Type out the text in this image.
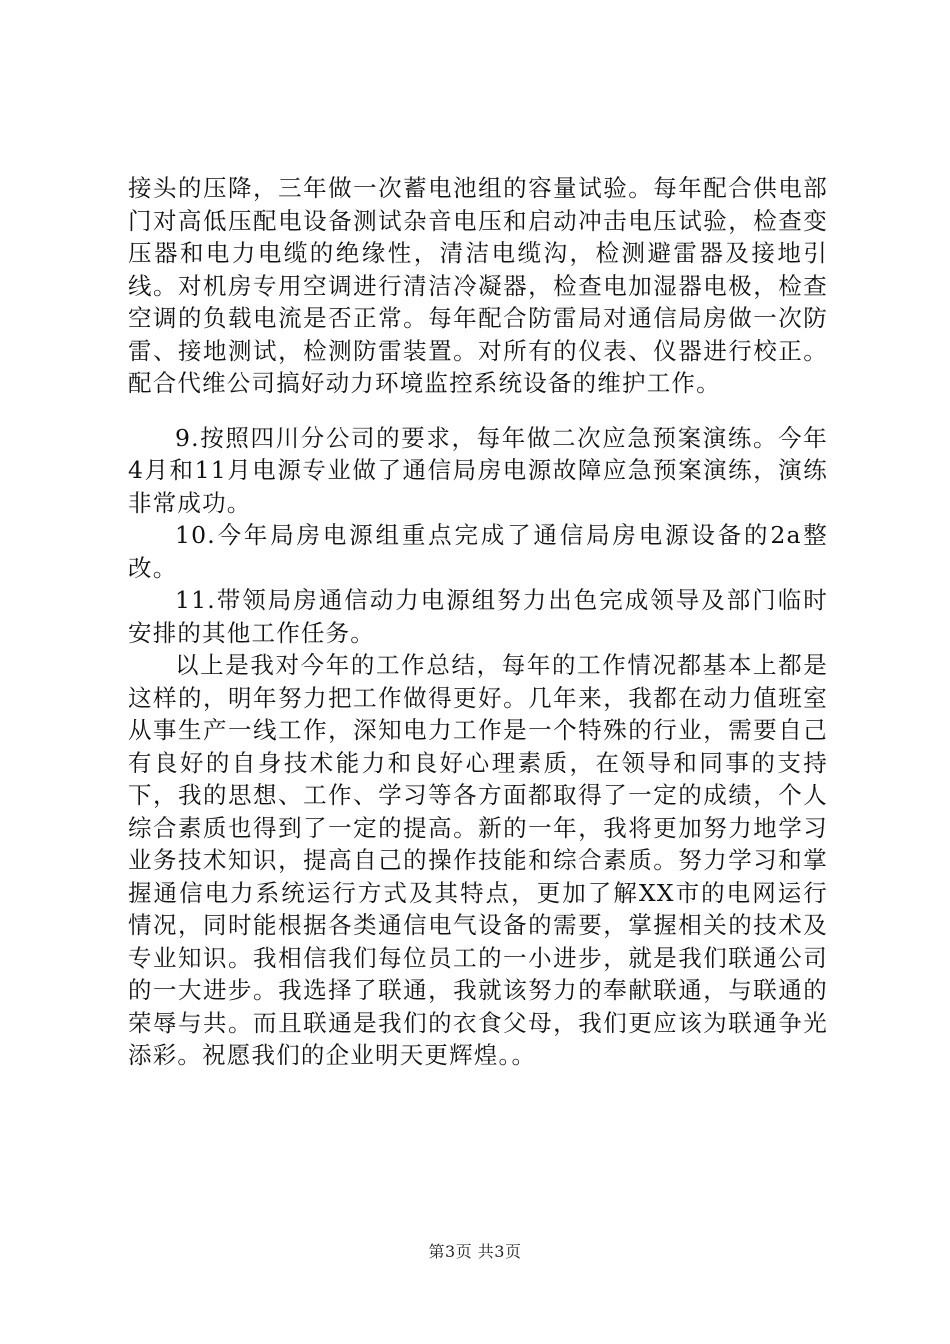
接头的压降，三年做一次蓄电池组的容量试验。每年配合供电部门对高低压配电设备测试杂音电压和启动冲击电压试验，检查变压器和电力电缆的绝缘性，清洁电缆沟，检测避雷器及接地引线。对机房专用空调进行清洁冷凝器，检查电加湿器电极，检查空调的负载电流是否正常。每年配合防雷局对通信局房做一次防雷、接地测试，检测防雷装置。对所有的仪表、仪器进行校正。配合代维公司搞好动力环境监控系统设备的维护工作。

9.按照四川分公司的要求，每年做二次应急预案演练。今年4月和11月电源专业做了通信局房电源故障应急预案演练，演练非常成功。

10.今年局房电源组重点完成了通信局房电源设备的2a整改。

11.带领局房通信动力电源组努力出色完成领导及部门临时安排的其他工作任务。

以上是我对今年的工作总结，每年的工作情况都基本上都是这样的，明年努力把工作做得更好。几年来，我都在动力值班室从事生产一线工作，深知电力工作是一个特殊的行业，需要自己有良好的自身技术能力和良好心理素质，在领导和同事的支持下，我的思想、工作、学习等各方面都取得了一定的成绩，个人综合素质也得到了一定的提高。新的一年，我将更加努力地学习业务技术知识，提高自己的操作技能和综合素质。努力学习和掌握通信电力系统运行方式及其特点，更加了解XX市的电网运行情况，同时能根据各类通信电气设备的需要，掌握相关的技术及专业知识。我相信我们每位员工的一小进步，就是我们联通公司的一大进步。我选择了联通，我就该努力的奉献联通，与联通的荣辱与共。而且联通是我们的衣食父母，我们更应该为联通争光添彩。祝愿我们的企业明天更辉煌。。

第3页 共3页
